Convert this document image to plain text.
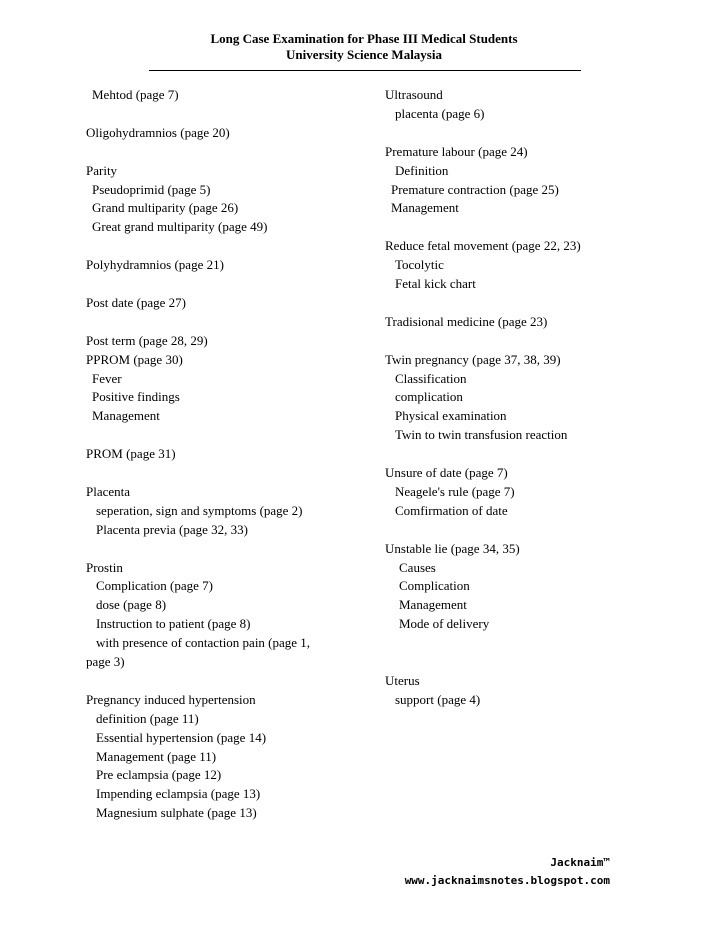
Long Case Examination for Phase III Medical Students
University Science Malaysia
Mehtod (page 7)
Oligohydramnios (page 20)
Parity
Pseudoprimid (page 5)
Grand multiparity (page 26)
Great grand multiparity (page 49)
Polyhydramnios (page 21)
Post date (page 27)
Post term (page 28, 29)
PPROM (page 30)
Fever
Positive findings
Management
PROM (page 31)
Placenta
seperation, sign and symptoms (page 2)
Placenta previa (page 32, 33)
Prostin
Complication (page 7)
dose (page 8)
Instruction to patient (page 8)
with presence of contaction pain (page 1,
page 3)
Pregnancy induced hypertension
definition (page 11)
Essential hypertension (page 14)
Management (page 11)
Pre eclampsia (page 12)
Impending eclampsia (page 13)
Magnesium sulphate (page 13)
Ultrasound
placenta (page 6)
Premature labour (page 24)
Definition
Premature contraction (page 25)
Management
Reduce fetal movement (page 22, 23)
Tocolytic
Fetal kick chart
Tradisional medicine (page 23)
Twin pregnancy (page 37, 38, 39)
Classification
complication
Physical examination
Twin to twin transfusion reaction
Unsure of date (page 7)
Neagele's rule (page 7)
Comfirmation of date
Unstable lie (page 34, 35)
Causes
Complication
Management
Mode of delivery
Uterus
support (page 4)
Jacknaim™
www.jacknaimsnotes.blogspot.com
